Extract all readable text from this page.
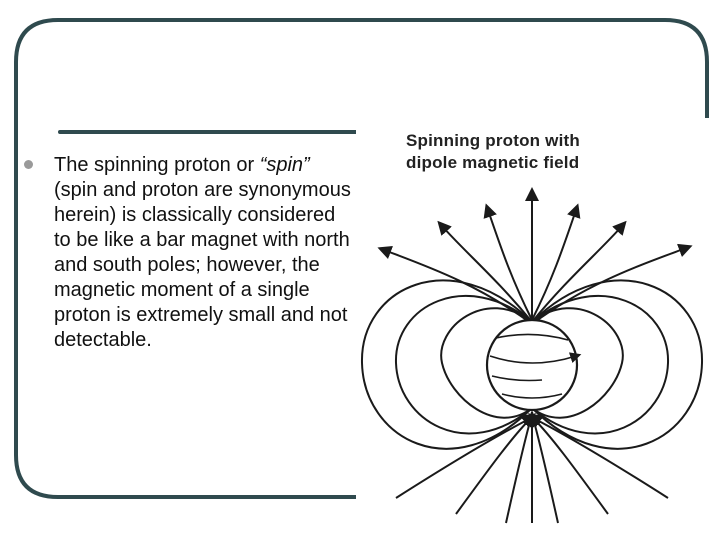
The spinning proton or “spin” (spin and proton are synonymous herein) is classically considered to be like a bar magnet with north and south poles; however, the magnetic moment of a single proton is extremely small and not detectable.

Spinning proton with
dipole magnetic field
